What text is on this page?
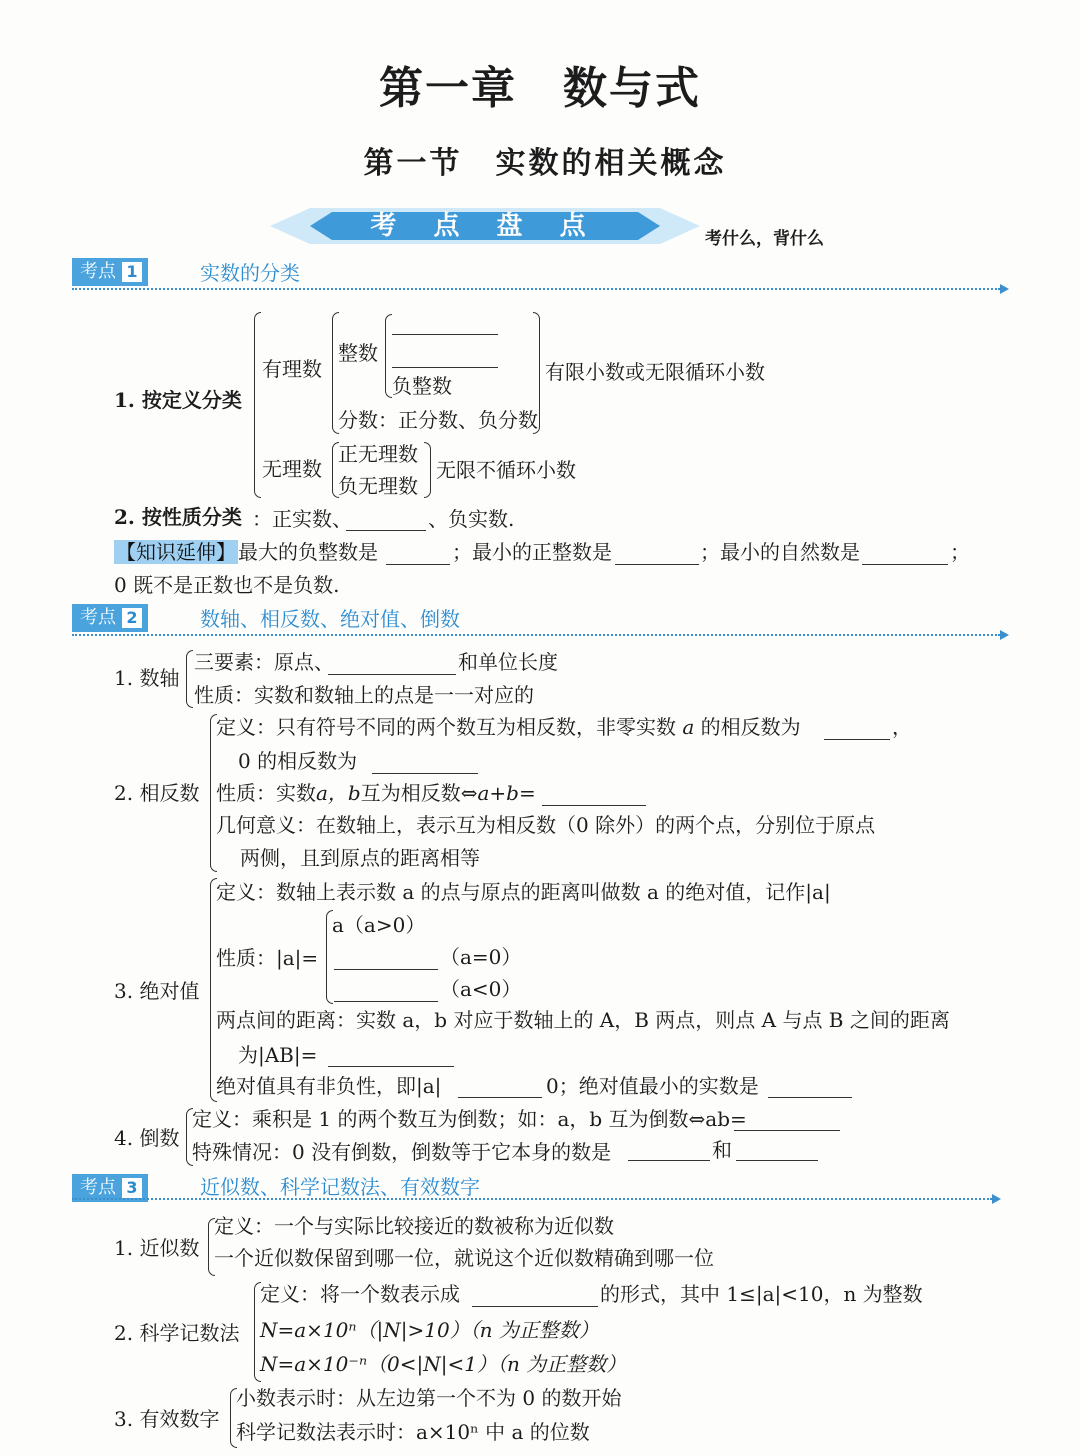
第一章　数与式
第一节　实数的相关概念
考 点 盘 点	考什么，背什么
考点 1	实数的分类
1. 按定义分类
有理数
整数
负整数
分数：正分数、负分数
有限小数或无限循环小数
无理数
正无理数
负无理数
无限不循环小数
2. 按性质分类 ：正实数、	、负实数.
【知识延伸】 最大的负整数是	；最小的正整数是	；最小的自然数是	；
0 既不是正数也不是负数.
考点 2	数轴、相反数、绝对值、倒数
1. 数轴
三要素：原点、	和单位长度
性质：实数和数轴上的点是一一对应的
2. 相反数
定义：只有符号不同的两个数互为相反数，非零实数 a 的相反数为	，
0 的相反数为
性质：实数a，b互为相反数⇔a+b=
几何意义：在数轴上，表示互为相反数（0 除外）的两个点，分别位于原点
两侧，且到原点的距离相等
3. 绝对值
定义：数轴上表示数 a 的点与原点的距离叫做数 a 的绝对值，记作|a|
性质：|a|=
a（a>0）
（a=0）
（a<0）
两点间的距离：实数 a，b 对应于数轴上的 A，B 两点，则点 A 与点 B 之间的距离
为|AB|=
绝对值具有非负性，即|a|	0；绝对值最小的实数是
4. 倒数
定义：乘积是 1 的两个数互为倒数；如：a，b 互为倒数⇔ab=
特殊情况：0 没有倒数，倒数等于它本身的数是	和
考点 3	近似数、科学记数法、有效数字
1. 近似数
定义：一个与实际比较接近的数被称为近似数
一个近似数保留到哪一位，就说这个近似数精确到哪一位
2. 科学记数法
定义：将一个数表示成	的形式，其中 1≤|a|<10，n 为整数
N=a×10ⁿ（|N|>10）（n 为正整数）
N=a×10⁻ⁿ（0<|N|<1）（n 为正整数）
3. 有效数字
小数表示时：从左边第一个不为 0 的数开始
科学记数法表示时：a×10ⁿ 中 a 的位数
